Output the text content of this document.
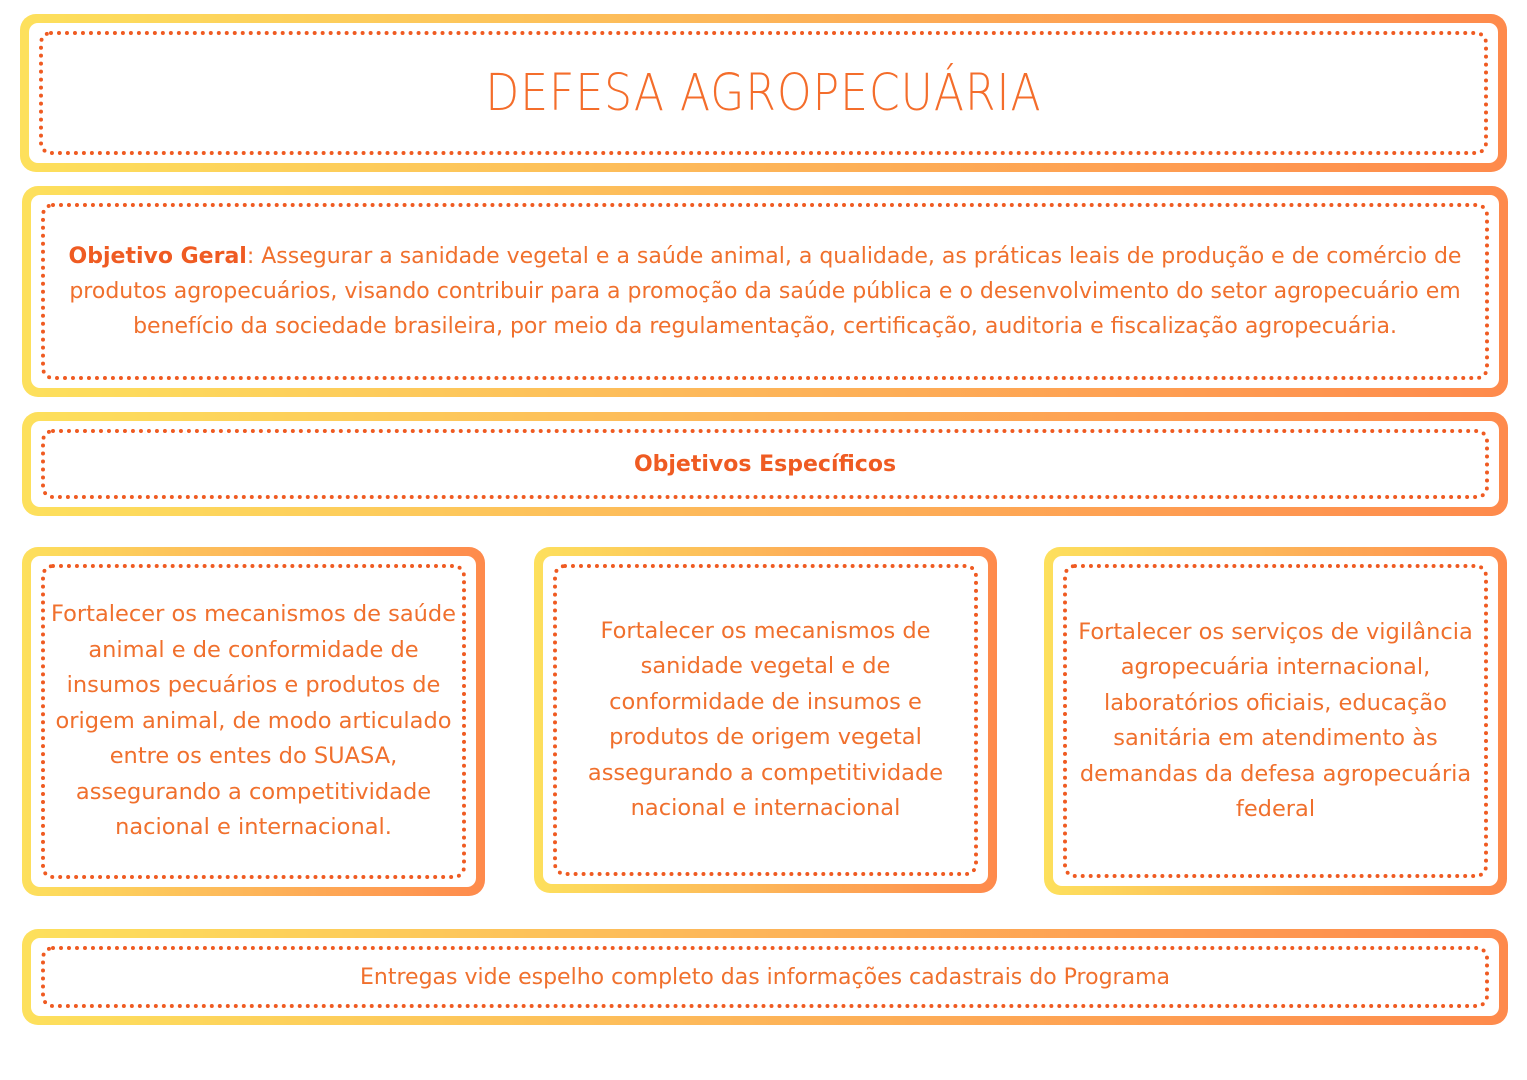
DEFESA AGROPECUÁRIA

Objetivo Geral: Assegurar a sanidade vegetal e a saúde animal, a qualidade, as práticas leais de produção e de comércio de produtos agropecuários, visando contribuir para a promoção da saúde pública e o desenvolvimento do setor agropecuário em benefício da sociedade brasileira, por meio da regulamentação, certificação, auditoria e fiscalização agropecuária.

Objetivos Específicos

Fortalecer os mecanismos de saúde animal e de conformidade de insumos pecuários e produtos de origem animal, de modo articulado entre os entes do SUASA, assegurando a competitividade nacional e internacional.

Fortalecer os mecanismos de sanidade vegetal e de conformidade de insumos e produtos de origem vegetal assegurando a competitividade nacional e internacional

Fortalecer os serviços de vigilância agropecuária internacional, laboratórios oficiais, educação sanitária em atendimento às demandas da defesa agropecuária federal

Entregas vide espelho completo das informações cadastrais do Programa
